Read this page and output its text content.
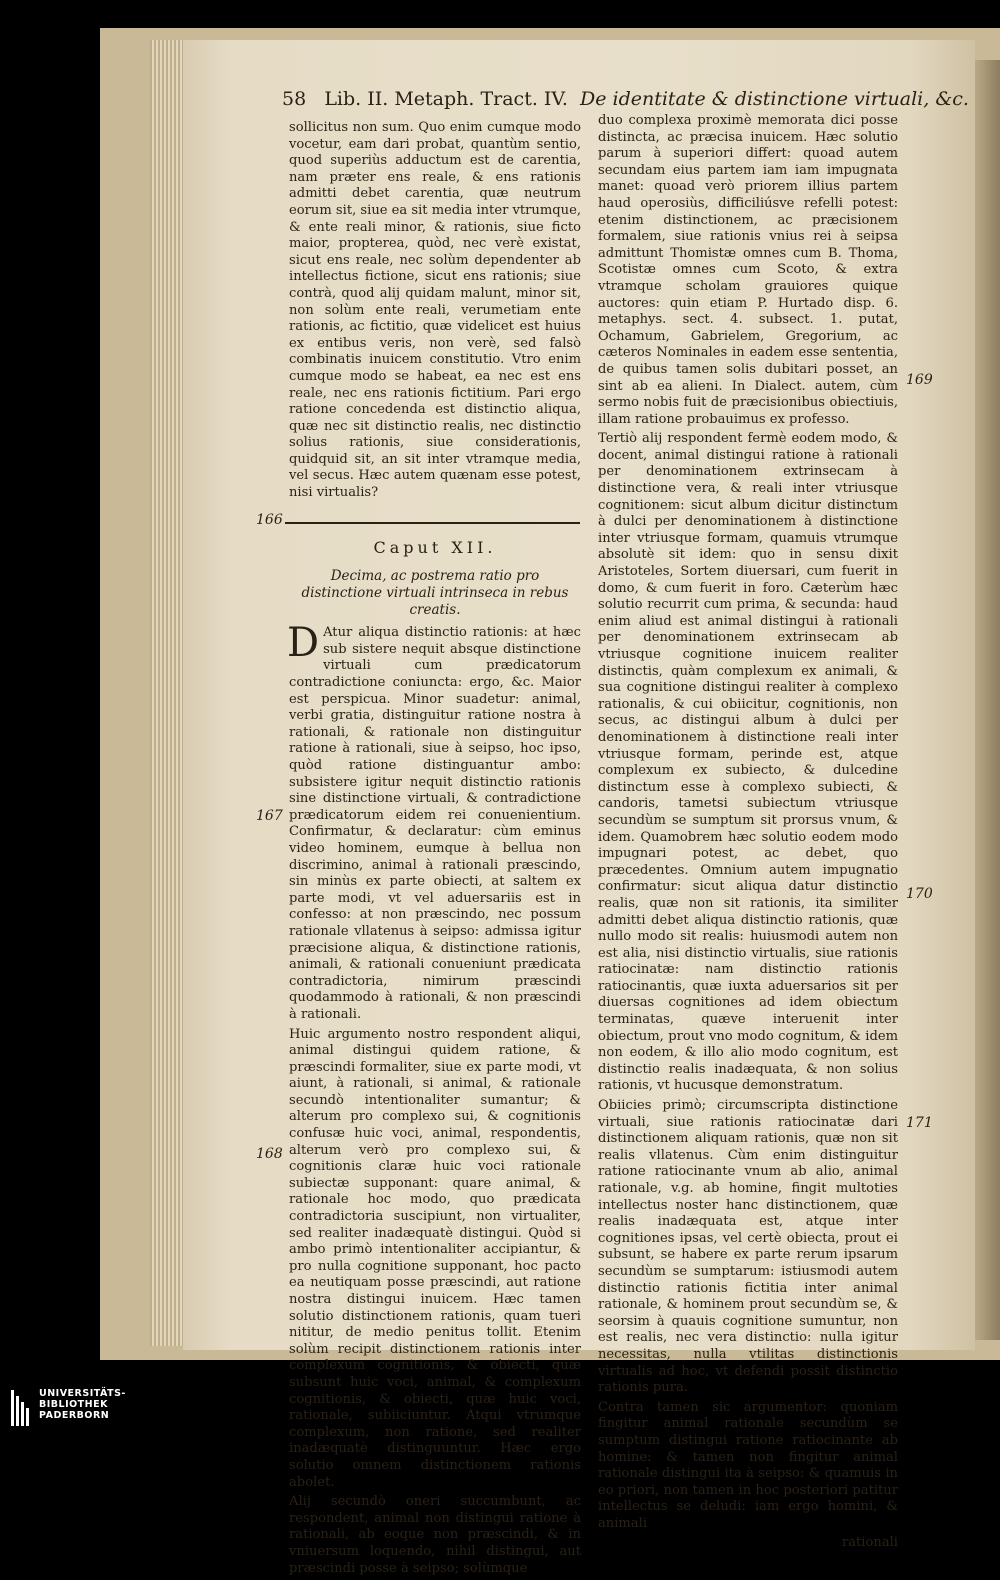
58 Lib. II. Metaph. Tract. IV. De identitate & distinctione virtuali, &c.

sollicitus non sum. Quo enim cumque modo vocetur, eam dari probat, quantùm sentio, quod superiùs adductum est de carentia, nam præter ens reale, & ens rationis admitti debet carentia, quæ neutrum eorum sit, siue ea sit media inter vtrumque, & ente reali minor, & rationis, siue ficto maior, propterea, quòd, nec verè existat, sicut ens reale, nec solùm dependenter ab intellectus fictione, sicut ens rationis; siue contrà, quod alij quidam malunt, minor sit, non solùm ente reali, verumetiam ente rationis, ac fictitio, quæ videlicet est huius ex entibus veris, non verè, sed falsò combinatis inuicem constitutio. Vtro enim cumque modo se habeat, ea nec est ens reale, nec ens rationis fictitium. Pari ergo ratione concedenda est distinctio aliqua, quæ nec sit distinctio realis, nec distinctio solius rationis, siue considerationis, quidquid sit, an sit inter vtramque media, vel secus. Hæc autem quænam esse potest, nisi virtualis?

Caput XII.
Decima, ac postrema ratio pro distinctione virtuali intrinseca in rebus creatis.

D Atur aliqua distinctio rationis: at hæc sub sistere nequit absque distinctione virtuali cum prædicatorum contradictione coniuncta: ergo, &c. Maior est perspicua. Minor suadetur: animal, verbi gratia, distinguitur ratione nostra à rationali, & rationale non distinguitur ratione à rationali, siue à seipso, hoc ipso, quòd ratione distinguantur ambo: subsistere igitur nequit distinctio rationis sine distinctione virtuali, & contradictione prædicatorum eidem rei conuenientium. Confirmatur, & declaratur: cùm eminus video hominem, eumque à bellua non discrimino, animal à rationali præscindo, sin minùs ex parte obiecti, at saltem ex parte modi, vt vel aduersariis est in confesso: at non præscindo, nec possum rationale vllatenus à seipso: admissa igitur præcisione aliqua, & distinctione rationis, animali, & rationali conueniunt prædicata contradictoria, nimirum præscindi quodammodo à rationali, & non præscindi à rationali.

Huic argumento nostro respondent aliqui, animal distingui quidem ratione, & præscindi formaliter, siue ex parte modi, vt aiunt, à rationali, si animal, & rationale secundò intentionaliter sumantur; & alterum pro complexo sui, & cognitionis confusæ huic voci, animal, respondentis, alterum verò pro complexo sui, & cognitionis claræ huic voci rationale subiectæ supponant: quare animal, & rationale hoc modo, quo prædicata contradictoria suscipiunt, non virtualiter, sed realiter inadæquatè distingui. Quòd si ambo primò intentionaliter accipiantur, & pro nulla cognitione supponant, hoc pacto ea neutiquam posse præscindi, aut ratione nostra distingui inuicem. Hæc tamen solutio distinctionem rationis, quam tueri nititur, de medio penitus tollit. Etenim solùm recipit distinctionem rationis inter complexum cognitionis, & obiecti, quæ subsunt huic voci, animal, & complexum cognitionis, & obiecti, quæ huic voci, rationale, subiiciuntur. Atqui vtrumque complexum, non ratione, sed realiter inadæquatè distinguuntur. Hæc ergo solutio omnem distinctionem rationis abolet.

Alij secundò oneri succumbunt, ac respondent, animal non distingui ratione à rationali, ab eoque non præscindi, & in vniuersum loquendo, nihil distingui, aut præscindi posse à seipso; solùmque

duo complexa proximè memorata dici posse distincta, ac præcisa inuicem. Hæc solutio parum à superiori differt: quoad autem secundam eius partem iam iam impugnata manet: quoad verò priorem illius partem haud operosiùs, difficiliúsve refelli potest: etenim distinctionem, ac præcisionem formalem, siue rationis vnius rei à seipsa admittunt Thomistæ omnes cum B. Thoma, Scotistæ omnes cum Scoto, & extra vtramque scholam grauiores quique auctores: quin etiam P. Hurtado disp. 6. metaphys. sect. 4. subsect. 1. putat, Ochamum, Gabrielem, Gregorium, ac cæteros Nominales in eadem esse sententia, de quibus tamen solis dubitari posset, an sint ab ea alieni. In Dialect. autem, cùm sermo nobis fuit de præcisionibus obiectiuis, illam ratione probauimus ex professo.

Tertiò alij respondent fermè eodem modo, & docent, animal distingui ratione à rationali per denominationem extrinsecam à distinctione vera, & reali inter vtriusque cognitionem: sicut album dicitur distinctum à dulci per denominationem à distinctione inter vtriusque formam, quamuis vtrumque absolutè sit idem: quo in sensu dixit Aristoteles, Sortem diuersari, cum fuerit in domo, & cum fuerit in foro. Cæterùm hæc solutio recurrit cum prima, & secunda: haud enim aliud est animal distingui à rationali per denominationem extrinsecam ab vtriusque cognitione inuicem realiter distinctis, quàm complexum ex animali, & sua cognitione distingui realiter à complexo rationalis, & cui obiicitur, cognitionis, non secus, ac distingui album à dulci per denominationem à distinctione reali inter vtriusque formam, perinde est, atque complexum ex subiecto, & dulcedine distinctum esse à complexo subiecti, & candoris, tametsi subiectum vtriusque secundùm se sumptum sit prorsus vnum, & idem. Quamobrem hæc solutio eodem modo impugnari potest, ac debet, quo præcedentes. Omnium autem impugnatio confirmatur: sicut aliqua datur distinctio realis, quæ non sit rationis, ita similiter admitti debet aliqua distinctio rationis, quæ nullo modo sit realis: huiusmodi autem non est alia, nisi distinctio virtualis, siue rationis ratiocinatæ: nam distinctio rationis ratiocinantis, quæ iuxta aduersarios sit per diuersas cognitiones ad idem obiectum terminatas, quæve interuenit inter obiectum, prout vno modo cognitum, & idem non eodem, & illo alio modo cognitum, est distinctio realis inadæquata, & non solius rationis, vt hucusque demonstratum.

Obiicies primò; circumscripta distinctione virtuali, siue rationis ratiocinatæ dari distinctionem aliquam rationis, quæ non sit realis vllatenus. Cùm enim distinguitur ratione ratiocinante vnum ab alio, animal rationale, v.g. ab homine, fingit multoties intellectus noster hanc distinctionem, quæ realis inadæquata est, atque inter cognitiones ipsas, vel certè obiecta, prout ei subsunt, se habere ex parte rerum ipsarum secundùm se sumptarum: istiusmodi autem distinctio rationis fictitia inter animal rationale, & hominem prout secundùm se, & seorsim à quauis cognitione sumuntur, non est realis, nec vera distinctio: nulla igitur necessitas, nulla vtilitas distinctionis virtualis ad hoc, vt defendi possit distinctio rationis pura.

Contra tamen sic argumentor: quoniam fingitur animal rationale secundùm se sumptum distingui ratione ratiocinante ab homine: & tamen non fingitur animal rationale distingui ita à seipso: & quamuis in eo priori, non tamen in hoc posteriori patitur intellectus se deludi: iam ergo homini, & animali

rationali

166
167
168
169
170
171
UNIVERSITÄTS-
BIBLIOTHEK
PADERBORN
